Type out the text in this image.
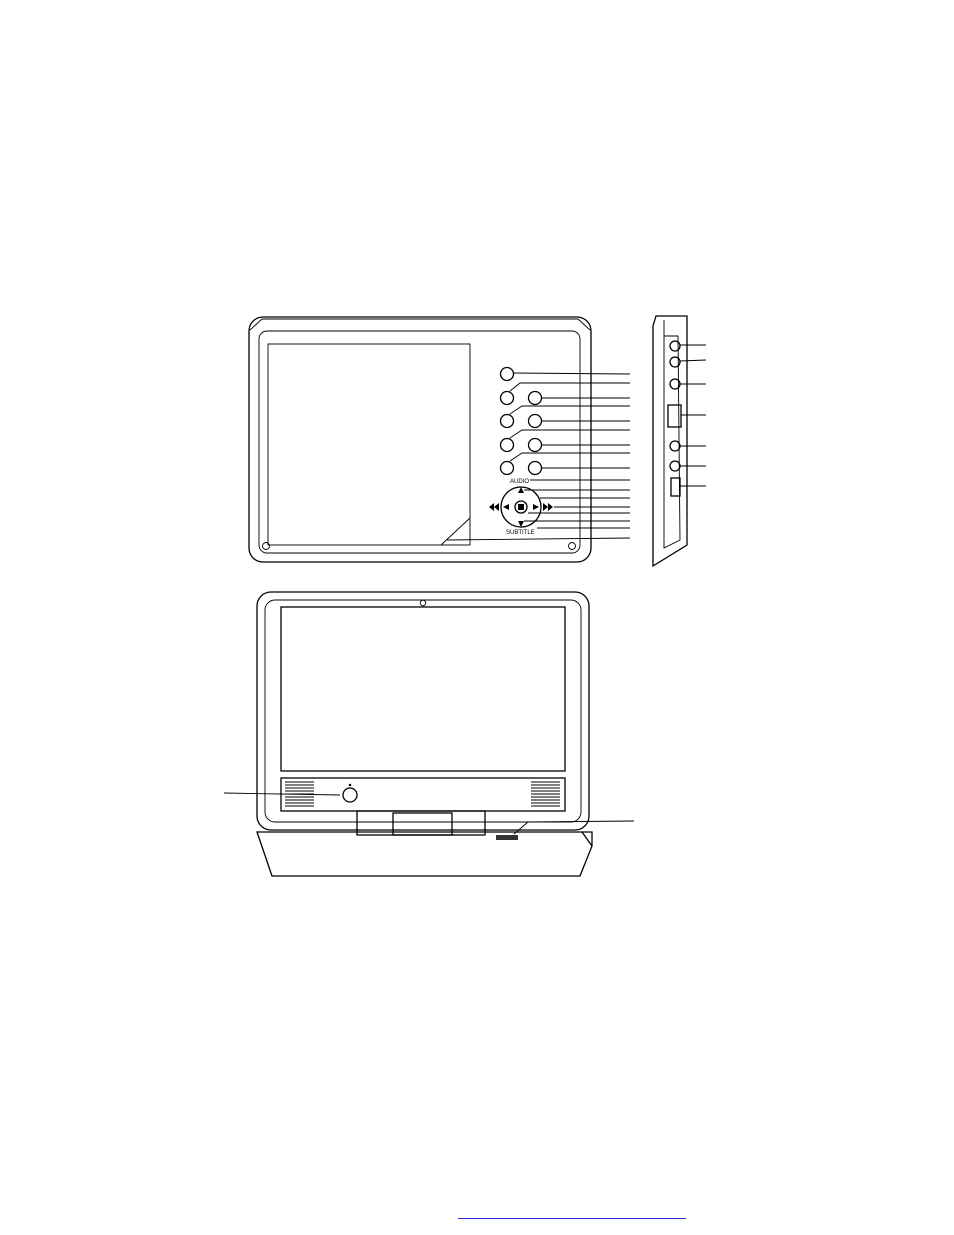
AUDIO
SUBTITLE
